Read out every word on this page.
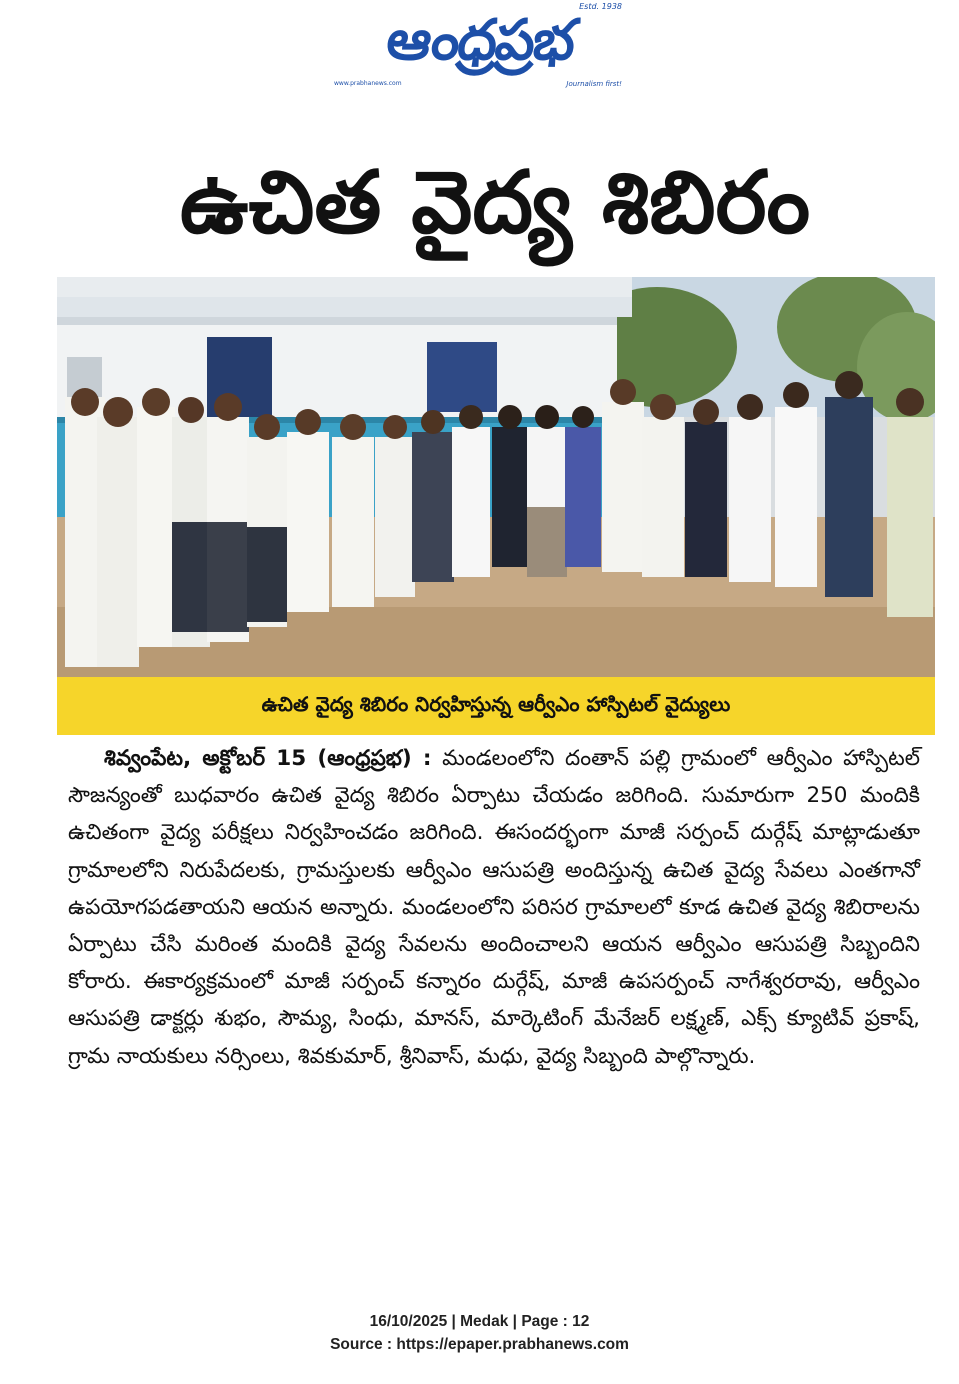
Estd. 1938
ఆంధ్రప్రభ
www.prabhanews.com	Journalism first!
ఉచిత వైద్య శిబిరం
ఉచిత వైద్య శిబిరం నిర్వహిస్తున్న ఆర్వీఎం హాస్పిటల్ వైద్యులు

శివ్వంపేట, అక్టోబర్ 15 (ఆంధ్రప్రభ) : మండలంలోని దంతాన్ పల్లి గ్రామంలో ఆర్వీఎం హాస్పిటల్ సౌజన్యంతో బుధవారం ఉచిత వైద్య శిబిరం ఏర్పాటు చేయడం జరిగింది. సుమారుగా 250 మందికి ఉచితంగా వైద్య పరీక్షలు నిర్వహించడం జరిగింది. ఈసందర్భంగా మాజీ సర్పంచ్ దుర్గేష్ మాట్లాడుతూ గ్రామాలలోని నిరుపేదలకు, గ్రామస్తులకు ఆర్వీఎం ఆసుపత్రి అందిస్తున్న ఉచిత వైద్య సేవలు ఎంతగానో ఉపయోగపడతాయని ఆయన అన్నారు. మండలంలోని పరిసర గ్రామాలలో కూడ ఉచిత వైద్య శిబిరాలను ఏర్పాటు చేసి మరింత మందికి వైద్య సేవలను అందించాలని ఆయన ఆర్వీఎం ఆసుపత్రి సిబ్బందిని కోరారు. ఈకార్యక్రమంలో మాజీ సర్పంచ్ కన్నారం దుర్గేష్, మాజీ ఉపసర్పంచ్ నాగేశ్వరరావు, ఆర్వీఎం ఆసుపత్రి డాక్టర్లు శుభం, సౌమ్య, సింధు, మానస్, మార్కెటింగ్ మేనేజర్ లక్ష్మణ్, ఎక్స్ క్యూటివ్ ప్రకాష్, గ్రామ నాయకులు నర్సింలు, శివకుమార్, శ్రీనివాస్, మధు, వైద్య సిబ్బంది పాల్గొన్నారు.

16/10/2025 | Medak | Page : 12
Source : https://epaper.prabhanews.com
